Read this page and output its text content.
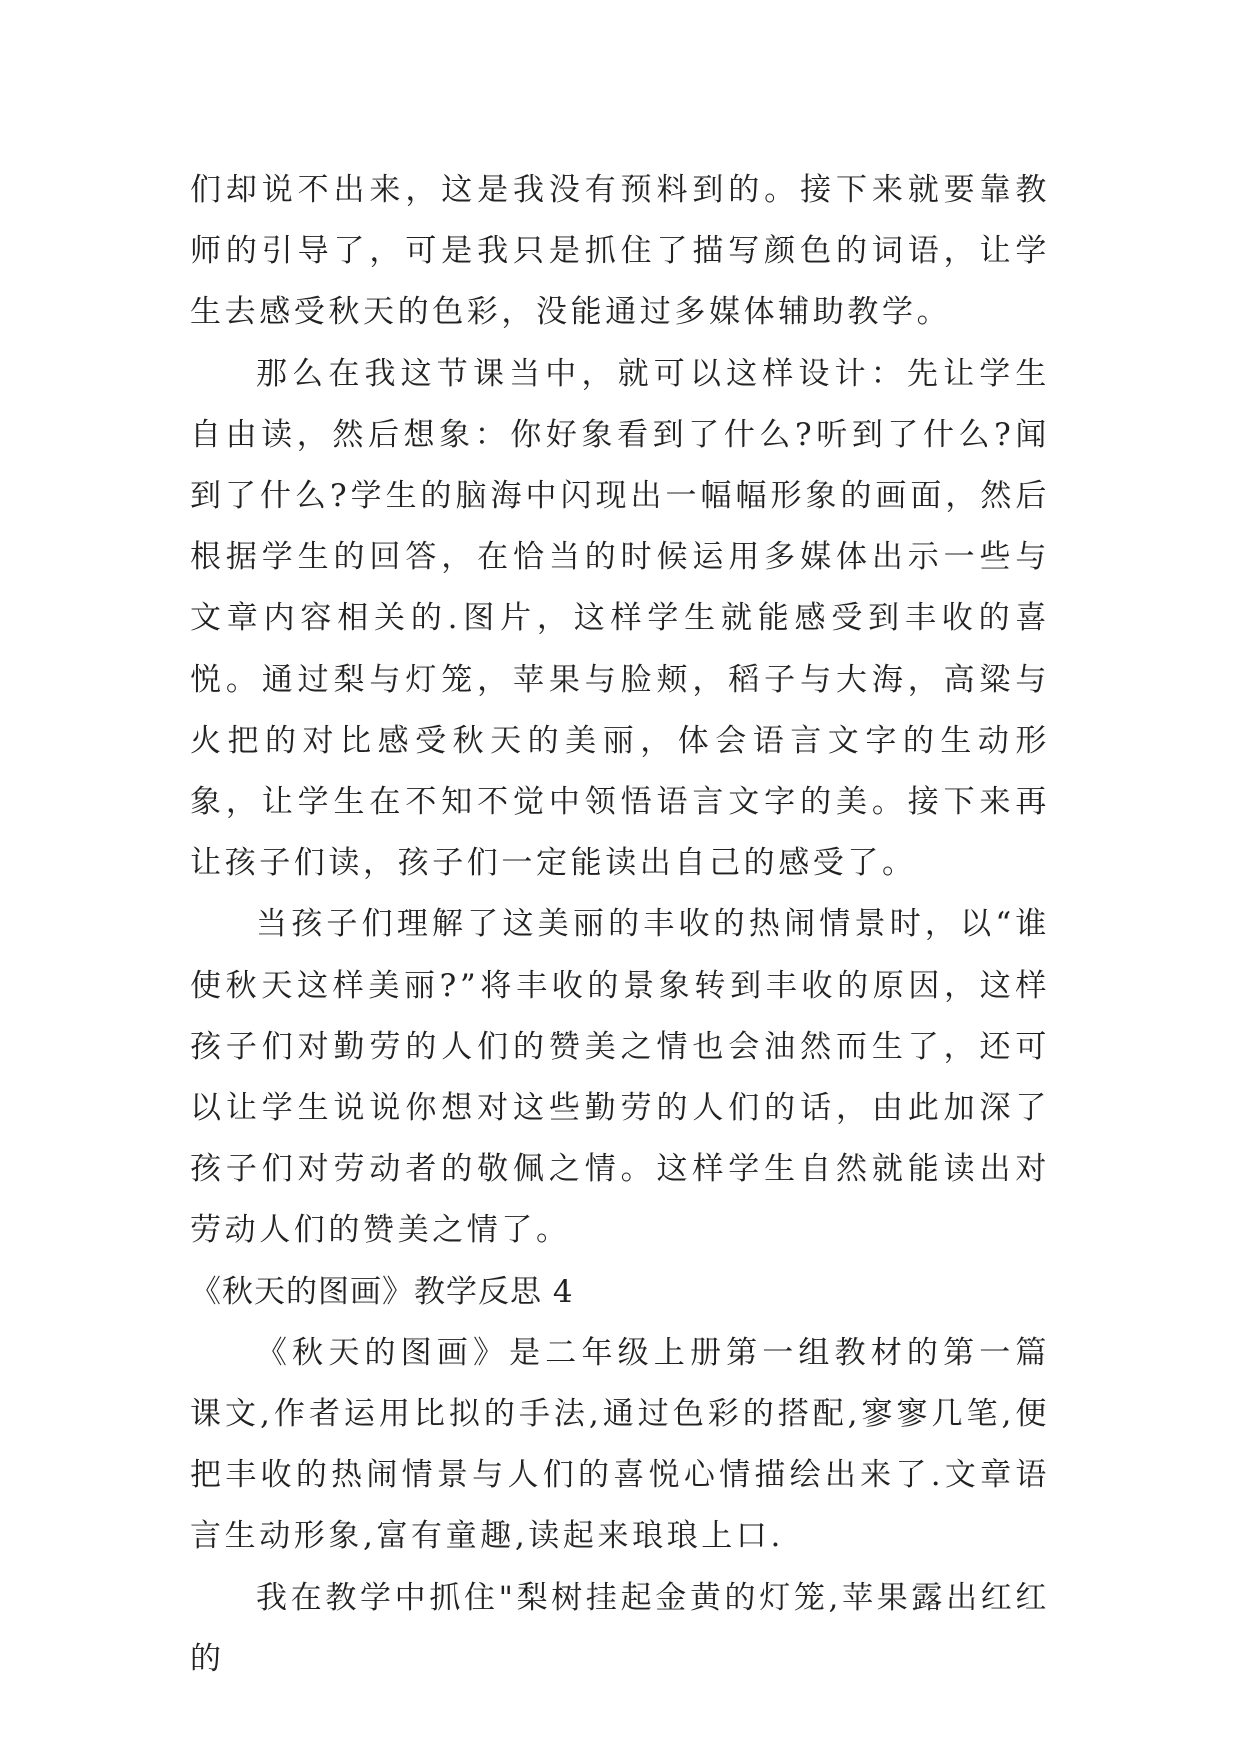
们却说不出来，这是我没有预料到的。接下来就要靠教师的引导了，可是我只是抓住了描写颜色的词语，让学生去感受秋天的色彩，没能通过多媒体辅助教学。

那么在我这节课当中，就可以这样设计：先让学生自由读，然后想象：你好象看到了什么?听到了什么?闻到了什么?学生的脑海中闪现出一幅幅形象的画面，然后根据学生的回答，在恰当的时候运用多媒体出示一些与文章内容相关的.图片，这样学生就能感受到丰收的喜悦。通过梨与灯笼，苹果与脸颊，稻子与大海，高粱与火把的对比感受秋天的美丽，体会语言文字的生动形象，让学生在不知不觉中领悟语言文字的美。接下来再让孩子们读，孩子们一定能读出自己的感受了。

当孩子们理解了这美丽的丰收的热闹情景时，以“谁使秋天这样美丽?”将丰收的景象转到丰收的原因，这样孩子们对勤劳的人们的赞美之情也会油然而生了，还可以让学生说说你想对这些勤劳的人们的话，由此加深了孩子们对劳动者的敬佩之情。这样学生自然就能读出对劳动人们的赞美之情了。

《秋天的图画》教学反思 4

《秋天的图画》是二年级上册第一组教材的第一篇课文,作者运用比拟的手法,通过色彩的搭配,寥寥几笔,便把丰收的热闹情景与人们的喜悦心情描绘出来了.文章语言生动形象,富有童趣,读起来琅琅上口.

我在教学中抓住"梨树挂起金黄的灯笼,苹果露出红红的
